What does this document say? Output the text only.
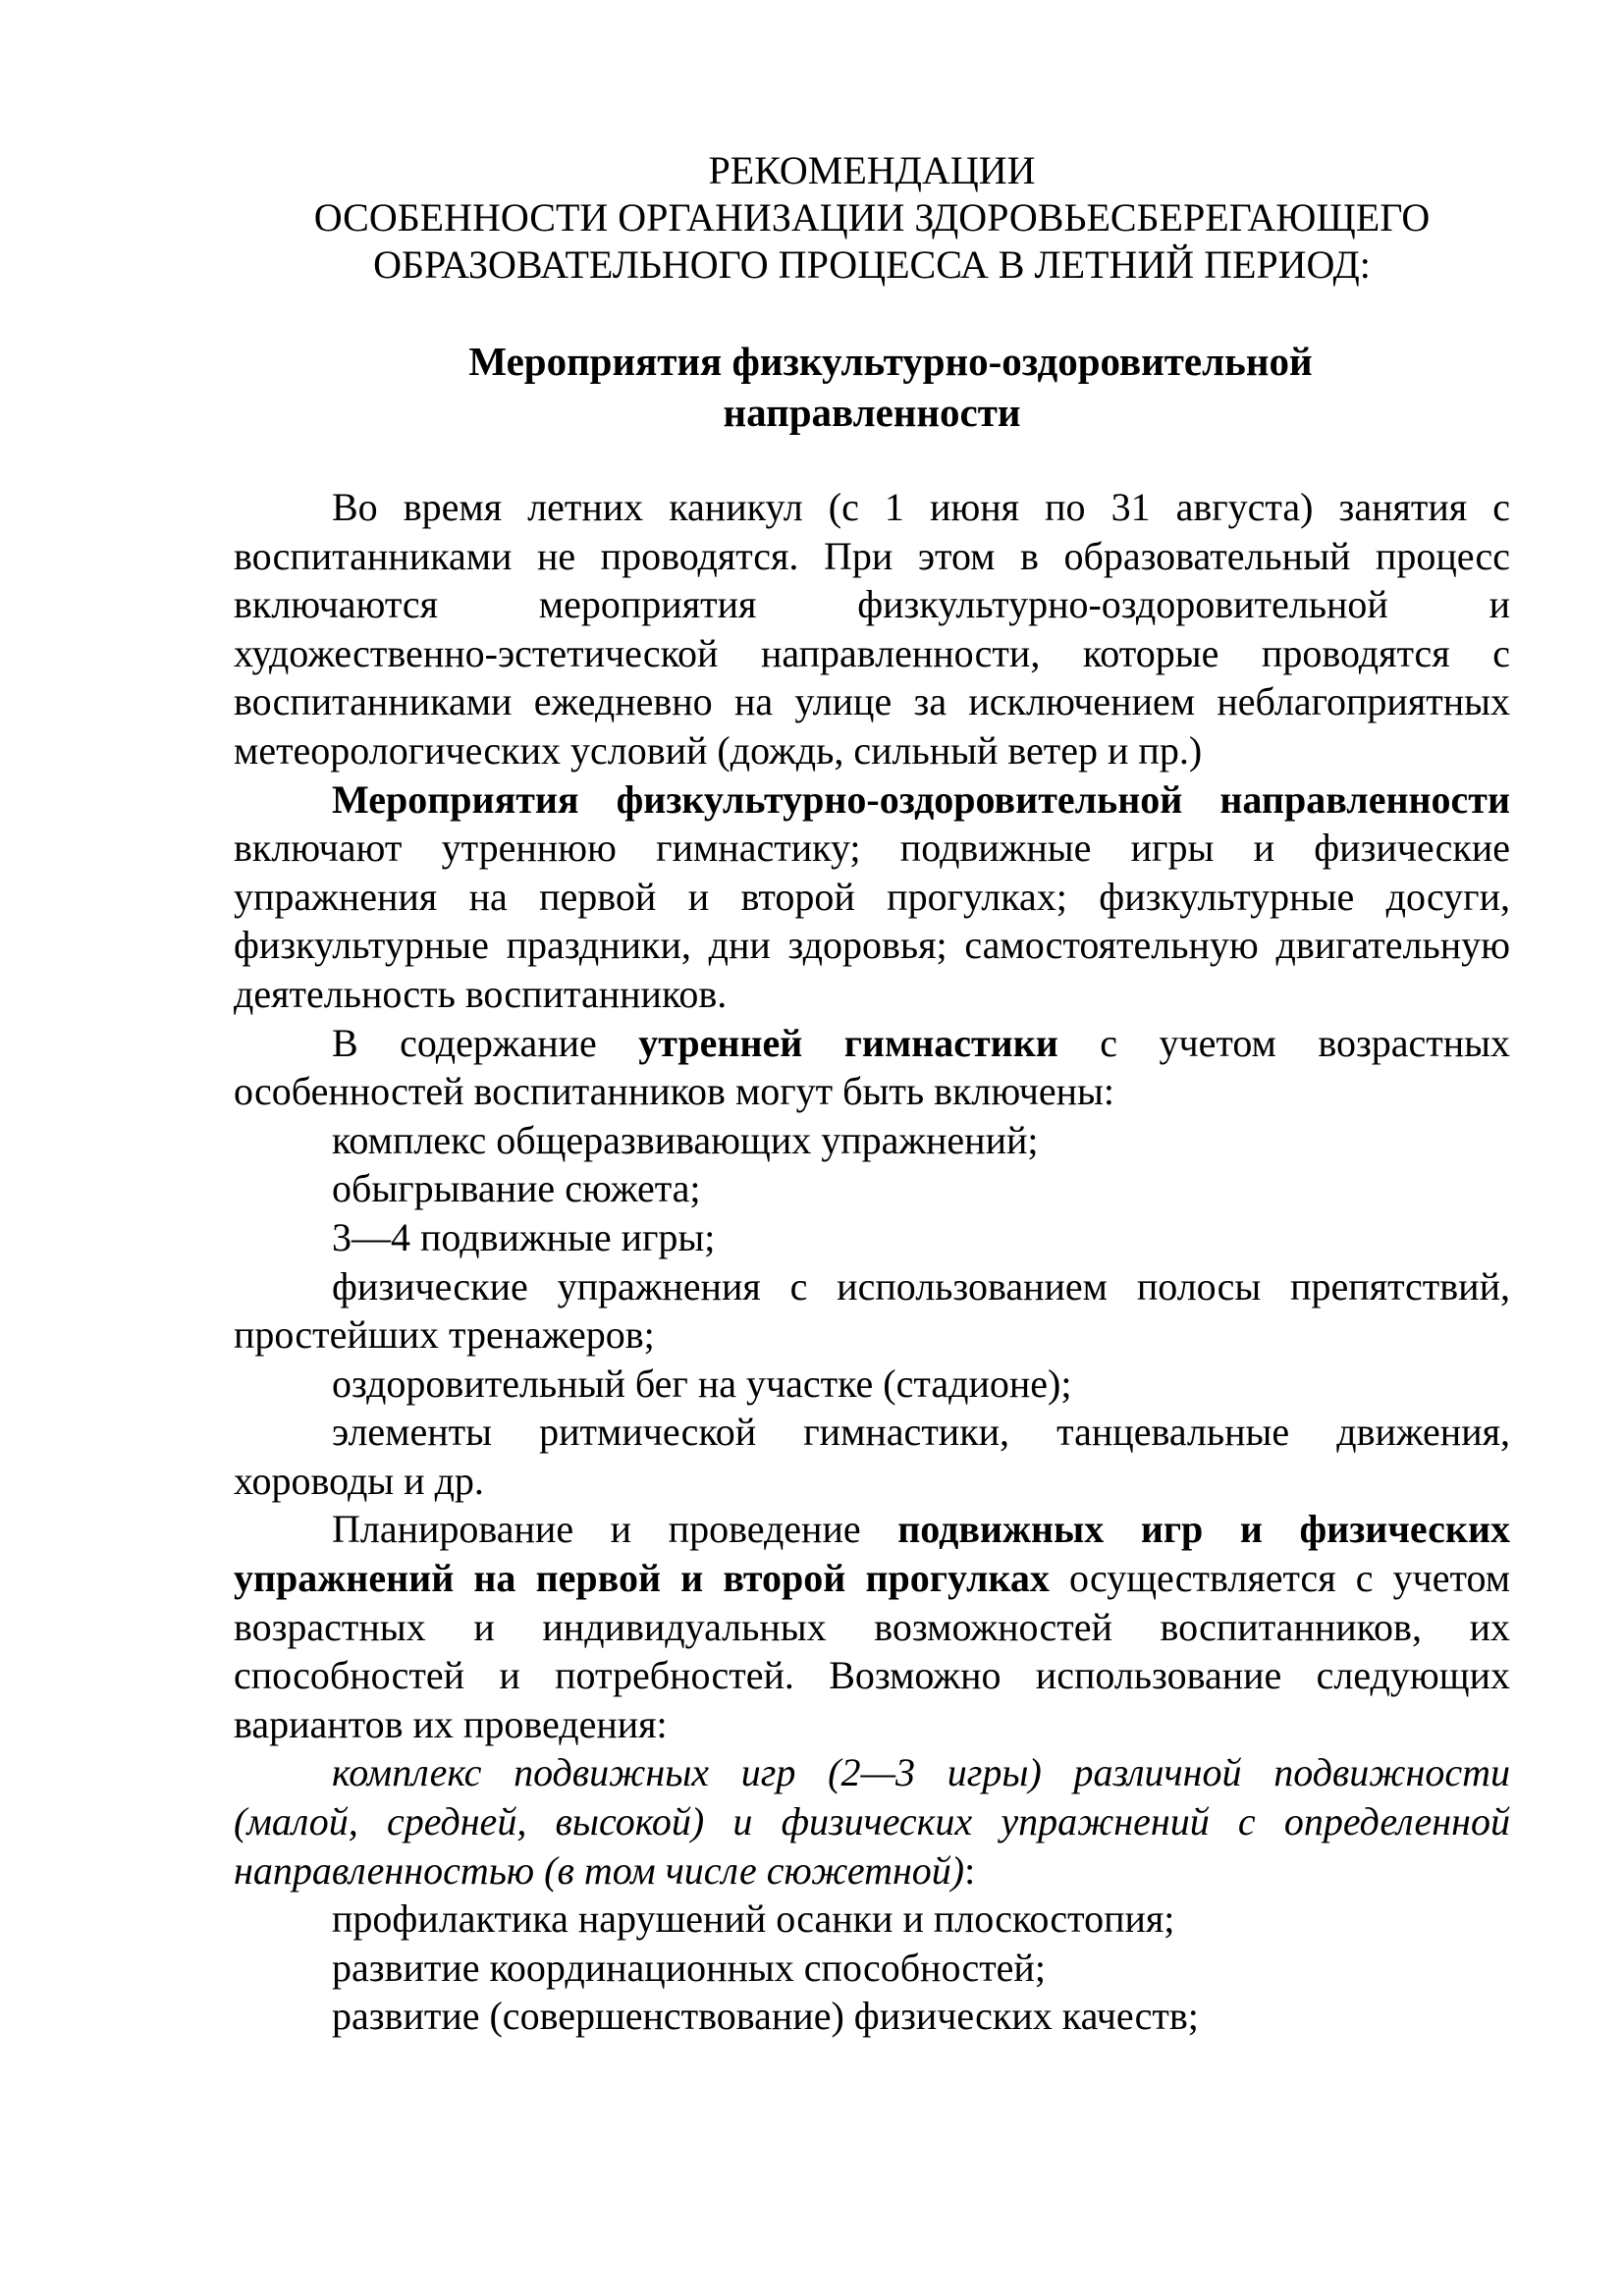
РЕКОМЕНДАЦИИ
ОСОБЕННОСТИ ОРГАНИЗАЦИИ ЗДОРОВЬЕСБЕРЕГАЮЩЕГО
ОБРАЗОВАТЕЛЬНОГО ПРОЦЕССА В ЛЕТНИЙ ПЕРИОД:
Мероприятия физкультурно-оздоровительной
направленности

Во время летних каникул (с 1 июня по 31 августа) занятия с воспитанниками не проводятся. При этом в образовательный процесс включаются мероприятия физкультурно-оздоровительной и художественно-эстетической направленности, которые проводятся с воспитанниками ежедневно на улице за исключением неблагоприятных метеорологических условий (дождь, сильный ветер и пр.)

Мероприятия физкультурно-оздоровительной направленности включают утреннюю гимнастику; подвижные игры и физические упражнения на первой и второй прогулках; физкультурные досуги, физкультурные праздники, дни здоровья; самостоятельную двигательную деятельность воспитанников.

В содержание утренней гимнастики с учетом возрастных особенностей воспитанников могут быть включены:

комплекс общеразвивающих упражнений;

обыгрывание сюжета;

3—4 подвижные игры;

физические упражнения с использованием полосы препятствий, простейших тренажеров;

оздоровительный бег на участке (стадионе);

элементы ритмической гимнастики, танцевальные движения, хороводы и др.

Планирование и проведение подвижных игр и физических упражнений на первой и второй прогулках осуществляется с учетом возрастных и индивидуальных возможностей воспитанников, их способностей и потребностей. Возможно использование следующих вариантов их проведения:

комплекс подвижных игр (2—3 игры) различной подвижности (малой, средней, высокой) и физических упражнений с определенной направленностью (в том числе сюжетной):

профилактика нарушений осанки и плоскостопия;

развитие координационных способностей;

развитие (совершенствование) физических качеств;
